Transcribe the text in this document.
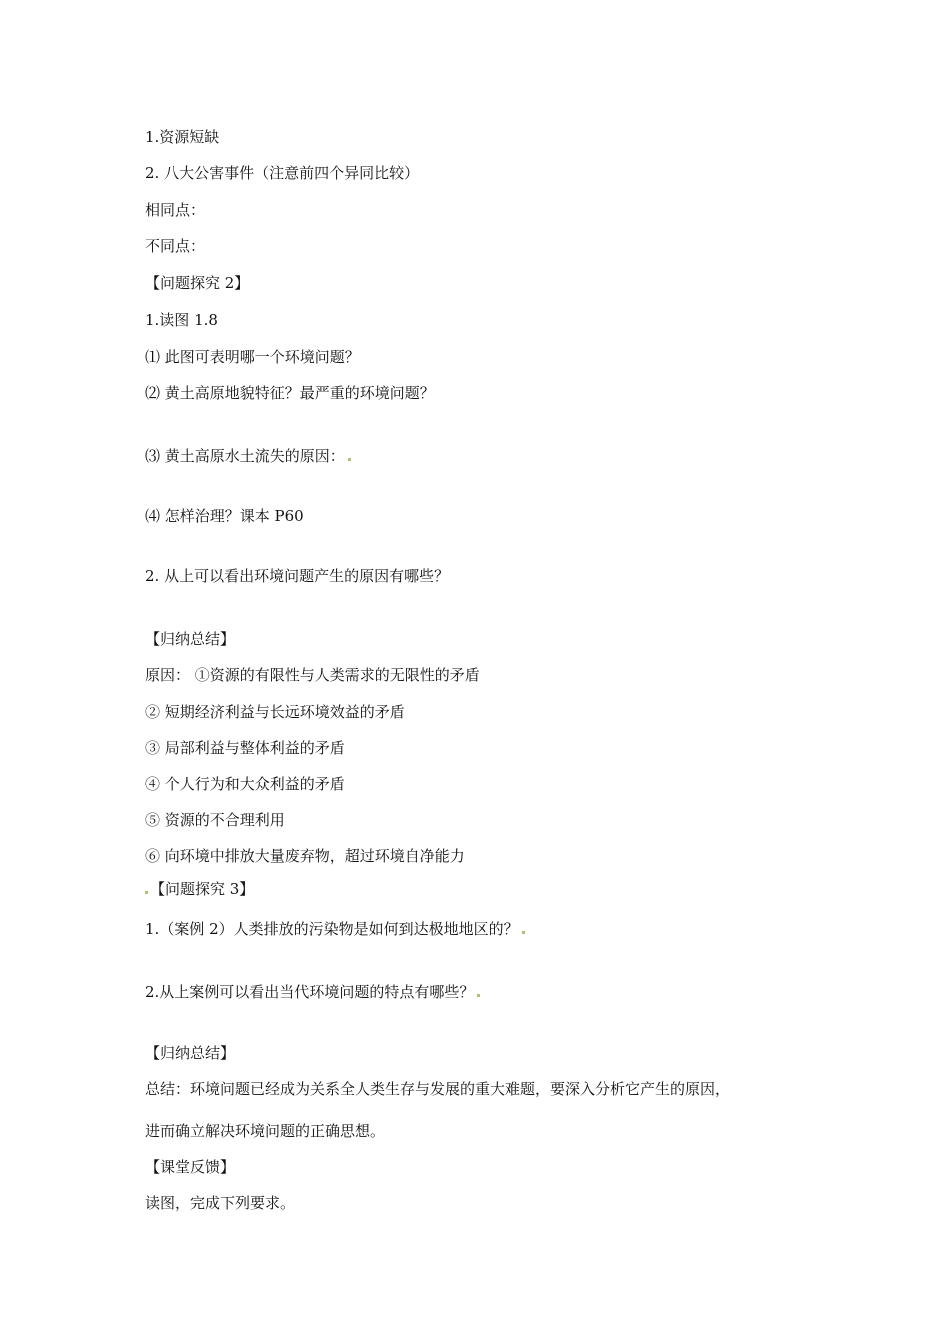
1.资源短缺
2. 八大公害事件（注意前四个异同比较）
相同点：
不同点：
【问题探究 2】
1.读图 1.8
⑴ 此图可表明哪一个环境问题？
⑵ 黄土高原地貌特征？最严重的环境问题？
⑶ 黄土高原水土流失的原因：
⑷ 怎样治理？课本 P60
2. 从上可以看出环境问题产生的原因有哪些？
【归纳总结】
原因： ①资源的有限性与人类需求的无限性的矛盾
② 短期经济利益与长远环境效益的矛盾
③ 局部利益与整体利益的矛盾
④ 个人行为和大众利益的矛盾
⑤ 资源的不合理利用
⑥ 向环境中排放大量废弃物，超过环境自净能力
【问题探究 3】
1.（案例 2）人类排放的污染物是如何到达极地地区的？
2.从上案例可以看出当代环境问题的特点有哪些？
【归纳总结】
总结：环境问题已经成为关系全人类生存与发展的重大难题，要深入分析它产生的原因，
进而确立解决环境问题的正确思想。
【课堂反馈】
读图，完成下列要求。
